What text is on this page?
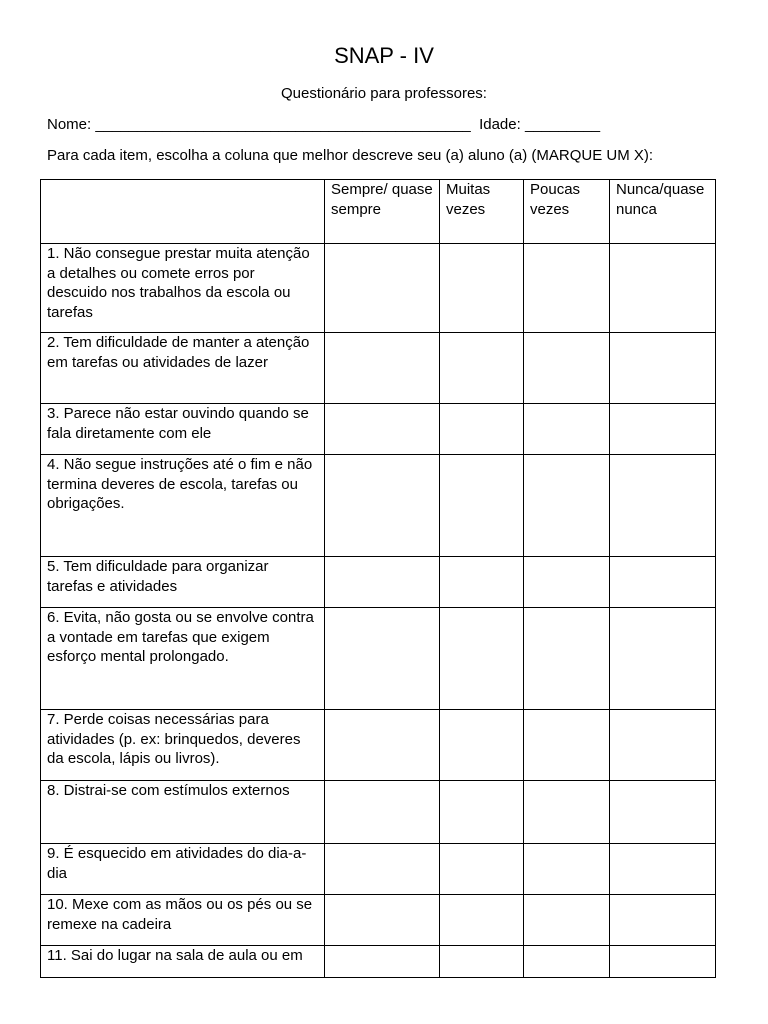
SNAP - IV
Questionário para professores:
Nome: _____________________________________________  Idade: _________
Para cada item, escolha a coluna que melhor descreve seu (a) aluno (a) (MARQUE UM X):
	Sempre/ quase sempre	Muitas vezes	Poucas vezes	Nunca/quase nunca
1. Não consegue prestar muita atenção a detalhes ou comete erros por descuido nos trabalhos da escola ou tarefas				
2. Tem dificuldade de manter a atenção em tarefas ou atividades de lazer				
3. Parece não estar ouvindo quando se fala diretamente com ele				
4. Não segue instruções até o fim e não termina deveres de escola, tarefas ou obrigações.				
5. Tem dificuldade para organizar tarefas e atividades				
6. Evita, não gosta ou se envolve contra a vontade em tarefas que exigem esforço mental prolongado.				
7. Perde coisas necessárias para atividades (p. ex: brinquedos, deveres da escola, lápis ou livros).				
8. Distrai-se com estímulos externos				
9. É esquecido em atividades do dia-a-dia				
10. Mexe com as mãos ou os pés ou se remexe na cadeira				
11. Sai do lugar na sala de aula ou em				
